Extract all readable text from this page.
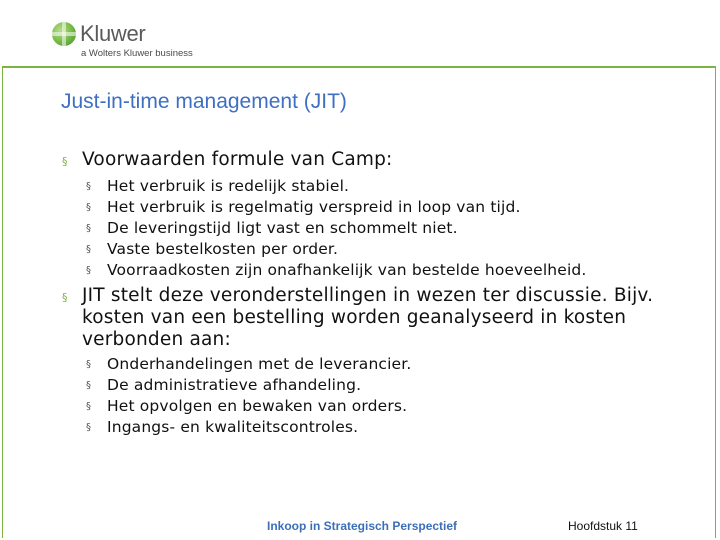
Kluwer
a Wolters Kluwer business
Just-in-time management (JIT)
§ Voorwaarden formule van Camp:
§	Het verbruik is redelijk stabiel.
§	Het verbruik is regelmatig verspreid in loop van tijd.
§	De leveringstijd ligt vast en schommelt niet.
§	Vaste bestelkosten per order.
§	Voorraadkosten zijn onafhankelijk van bestelde hoeveelheid.
§ JIT stelt deze veronderstellingen in wezen ter discussie. Bijv. kosten van een bestelling worden geanalyseerd in kosten verbonden aan:
§	Onderhandelingen met de leverancier.
§	De administratieve afhandeling.
§	Het opvolgen en bewaken van orders.
§	Ingangs- en kwaliteitscontroles.
Inkoop in Strategisch Perspectief	Hoofdstuk 11
